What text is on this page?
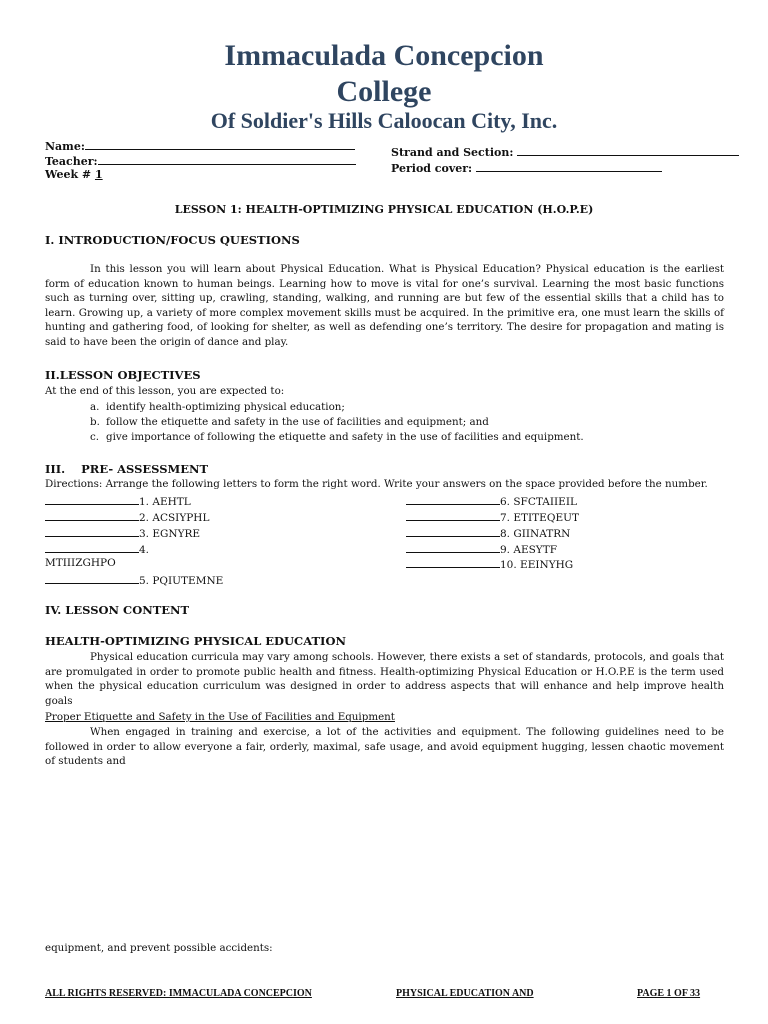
Immaculada Concepcion
College
Of Soldier's Hills Caloocan City, Inc.
Name:
Teacher:
Week # 1
Strand and Section:
Period cover:
LESSON 1: HEALTH-OPTIMIZING PHYSICAL EDUCATION (H.O.P.E)
I. INTRODUCTION/FOCUS QUESTIONS
In this lesson you will learn about Physical Education. What is Physical Education? Physical education is the earliest form of education known to human beings. Learning how to move is vital for one’s survival. Learning the most basic functions such as turning over, sitting up, crawling, standing, walking, and running are but few of the essential skills that a child has to learn. Growing up, a variety of more complex movement skills must be acquired. In the primitive era, one must learn the skills of hunting and gathering food, of looking for shelter, as well as defending one’s territory. The desire for propagation and mating is said to have been the origin of dance and play.
II.LESSON OBJECTIVES
At the end of this lesson, you are expected to:
a. identify health-optimizing physical education;
b. follow the etiquette and safety in the use of facilities and equipment; and
c. give importance of following the etiquette and safety in the use of facilities and equipment.
III. PRE- ASSESSMENT
Directions: Arrange the following letters to form the right word. Write your answers on the space provided before the number.
1. AEHTL
2. ACSIYPHL
3. EGNYRE
4.
MTIIIZGHPO
5. PQIUTEMNE
6. SFCTAIIEIL
7. ETITEQEUT
8. GIINATRN
9. AESYTF
10. EEINYHG
IV. LESSON CONTENT
HEALTH-OPTIMIZING PHYSICAL EDUCATION
Physical education curricula may vary among schools. However, there exists a set of standards, protocols, and goals that are promulgated in order to promote public health and fitness. Health-optimizing Physical Education or H.O.P.E is the term used when the physical education curriculum was designed in order to address aspects that will enhance and help improve health goals
Proper Etiquette and Safety in the Use of Facilities and Equipment
When engaged in training and exercise, a lot of the activities and equipment. The following guidelines need to be followed in order to allow everyone a fair, orderly, maximal, safe usage, and avoid equipment hugging, lessen chaotic movement of students and
equipment, and prevent possible accidents:
ALL RIGHTS RESERVED: IMMACULADA CONCEPCION	PHYSICAL EDUCATION AND	PAGE 1 OF 33
